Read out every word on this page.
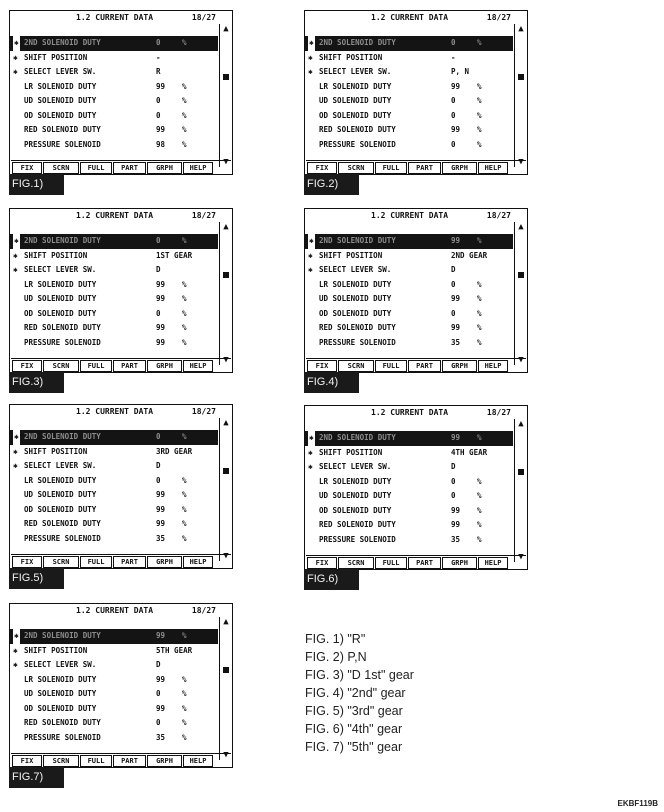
1.2 CURRENT DATA	18/27
✱ 2ND SOLENOID DUTY	0	%
✱ SHIFT POSITION	-
✱ SELECT LEVER SW.	R
LR SOLENOID DUTY	99 %
UD SOLENOID DUTY	0	%
OD SOLENOID DUTY	0	%
RED SOLENOID DUTY	99 %
PRESSURE SOLENOID	98 %
▲
▼
FIX	SCRN	FULL	PART	GRPH	HELP
FIG.1)
1.2 CURRENT DATA	18/27
✱ 2ND SOLENOID DUTY	0	%
✱ SHIFT POSITION	-
✱ SELECT LEVER SW.	P, N
LR SOLENOID DUTY	99 %
UD SOLENOID DUTY	0	%
OD SOLENOID DUTY	0	%
RED SOLENOID DUTY	99 %
PRESSURE SOLENOID	0	%
▲
▼
FIX	SCRN	FULL	PART	GRPH	HELP
FIG.2)
1.2 CURRENT DATA	18/27
✱ 2ND SOLENOID DUTY	0	%
✱ SHIFT POSITION	1ST GEAR
✱ SELECT LEVER SW.	D
LR SOLENOID DUTY	99 %
UD SOLENOID DUTY	99 %
OD SOLENOID DUTY	0	%
RED SOLENOID DUTY	99 %
PRESSURE SOLENOID	99 %
▲
▼
FIX	SCRN	FULL	PART	GRPH	HELP
FIG.3)
1.2 CURRENT DATA	18/27
✱ 2ND SOLENOID DUTY	99 %
✱ SHIFT POSITION	2ND GEAR
✱ SELECT LEVER SW.	D
LR SOLENOID DUTY	0	%
UD SOLENOID DUTY	99 %
OD SOLENOID DUTY	0	%
RED SOLENOID DUTY	99 %
PRESSURE SOLENOID	35 %
▲
▼
FIX	SCRN	FULL	PART	GRPH	HELP
FIG.4)
1.2 CURRENT DATA	18/27
✱ 2ND SOLENOID DUTY	0	%
✱ SHIFT POSITION	3RD GEAR
✱ SELECT LEVER SW.	D
LR SOLENOID DUTY	0	%
UD SOLENOID DUTY	99 %
OD SOLENOID DUTY	99 %
RED SOLENOID DUTY	99 %
PRESSURE SOLENOID	35 %
▲
▼
FIX	SCRN	FULL	PART	GRPH	HELP
FIG.5)
1.2 CURRENT DATA	18/27
✱ 2ND SOLENOID DUTY	99 %
✱ SHIFT POSITION	4TH GEAR
✱ SELECT LEVER SW.	D
LR SOLENOID DUTY	0	%
UD SOLENOID DUTY	0	%
OD SOLENOID DUTY	99 %
RED SOLENOID DUTY	99 %
PRESSURE SOLENOID	35 %
▲
▼
FIX	SCRN	FULL	PART	GRPH	HELP
FIG.6)
1.2 CURRENT DATA	18/27
✱ 2ND SOLENOID DUTY	99 %
✱ SHIFT POSITION	5TH GEAR
✱ SELECT LEVER SW.	D
LR SOLENOID DUTY	99 %
UD SOLENOID DUTY	0	%
OD SOLENOID DUTY	99 %
RED SOLENOID DUTY	0	%
PRESSURE SOLENOID	35 %
▲
▼
FIX	SCRN	FULL	PART	GRPH	HELP
FIG.7)
FIG. 1) "R"
FIG. 2) P,N
FIG. 3) "D 1st" gear
FIG. 4) "2nd" gear
FIG. 5) "3rd" gear
FIG. 6) "4th" gear
FIG. 7) "5th" gear
EKBF119B
